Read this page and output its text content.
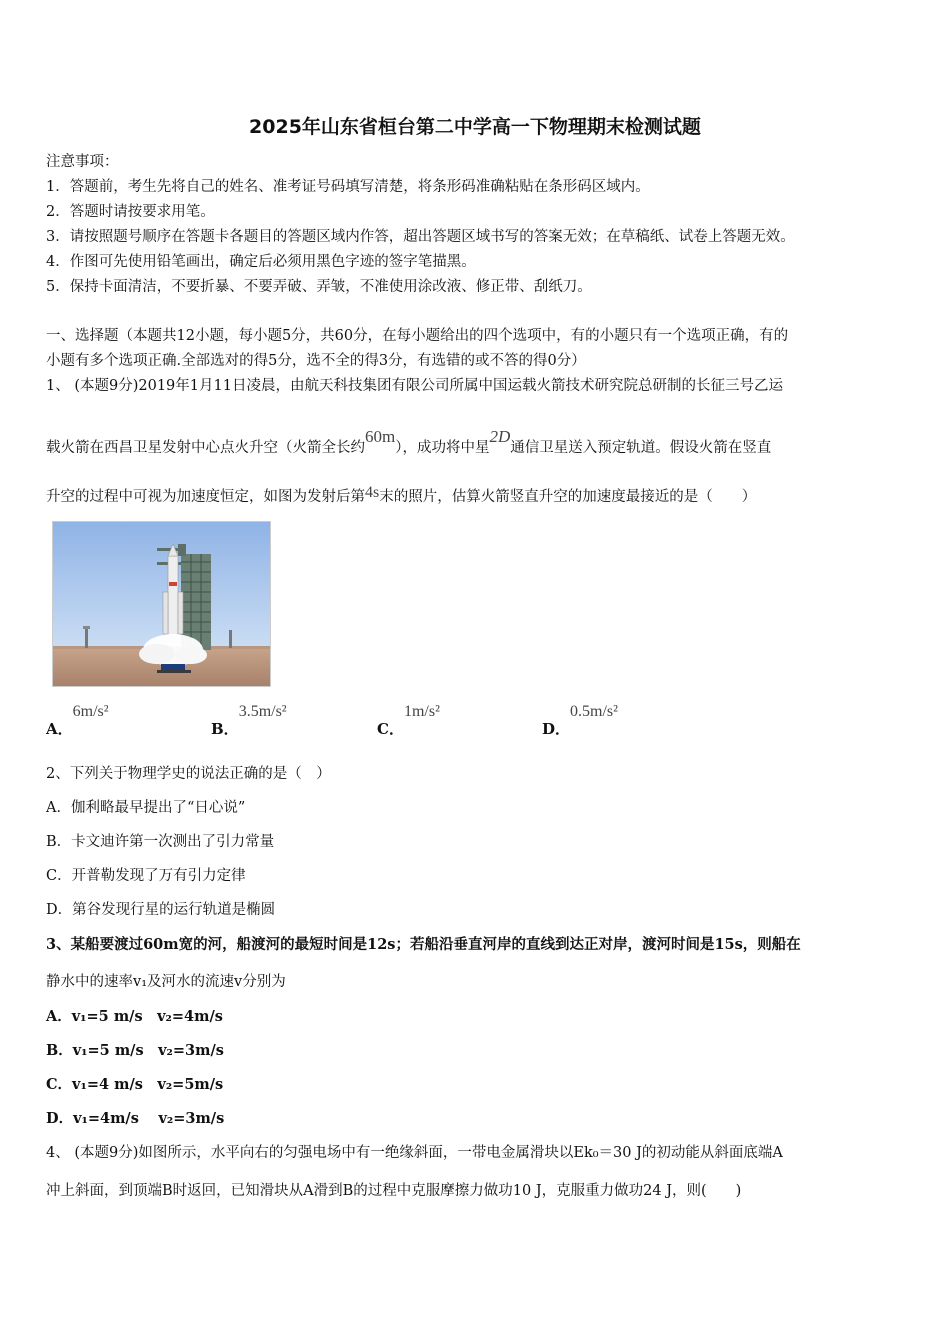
2025年山东省桓台第二中学高一下物理期末检测试题
注意事项：
1．答题前，考生先将自己的姓名、准考证号码填写清楚，将条形码准确粘贴在条形码区域内。
2．答题时请按要求用笔。
3．请按照题号顺序在答题卡各题目的答题区域内作答，超出答题区域书写的答案无效；在草稿纸、试卷上答题无效。
4．作图可先使用铅笔画出，确定后必须用黑色字迹的签字笔描黑。
5．保持卡面清洁，不要折暴、不要弄破、弄皱，不准使用涂改液、修正带、刮纸刀。
一、选择题（本题共12小题，每小题5分，共60分，在每小题给出的四个选项中，有的小题只有一个选项正确，有的
小题有多个选项正确.全部选对的得5分，选不全的得3分，有选错的或不答的得0分）
1、 (本题9分)2019年1月11日凌晨，由航天科技集团有限公司所属中国运载火箭技术研究院总研制的长征三号乙运
载火箭在西昌卫星发射中心点火升空（火箭全长约60m），成功将中星2D通信卫星送入预定轨道。假设火箭在竖直
升空的过程中可视为加速度恒定，如图为发射后第4s末的照片，估算火箭竖直升空的加速度最接近的是（　　）
A．6m/s²
B．3.5m/s²
C．1m/s²
D．0.5m/s²
2、下列关于物理学史的说法正确的是（　）
A．伽利略最早提出了“日心说”
B．卡文迪许第一次测出了引力常量
C．开普勒发现了万有引力定律
D．第谷发现行星的运行轨道是椭圆
3、某船要渡过60m宽的河，船渡河的最短时间是12s；若船沿垂直河岸的直线到达正对岸，渡河时间是15s，则船在
静水中的速率v₁及河水的流速v分别为
A．v₁=5 m/s　v₂=4m/s
B．v₁=5 m/s　v₂=3m/s
C．v₁=4 m/s　v₂=5m/s
D．v₁=4m/s　 v₂=3m/s
4、 (本题9分)如图所示，水平向右的匀强电场中有一绝缘斜面，一带电金属滑块以Ek₀＝30 J的初动能从斜面底端A
冲上斜面，到顶端B时返回，已知滑块从A滑到B的过程中克服摩擦力做功10 J，克服重力做功24 J，则(　　)
